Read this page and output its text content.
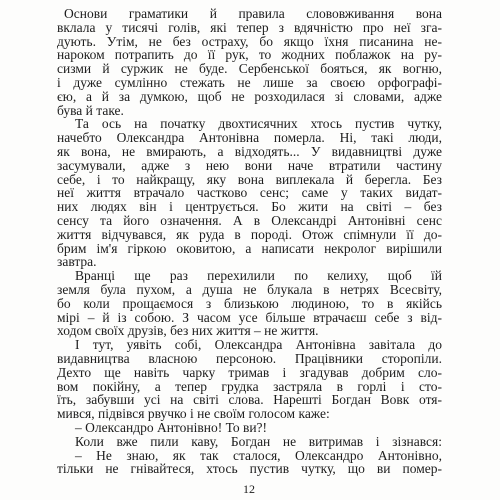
Основи граматики й правила слововживання вона
вклала у тисячі голів, які тепер з вдячністю про неї зга-
дують. Утім, не без остраху, бо якщо їхня писанина не-
нароком потрапить до її рук, то жодних поблажок на ру-
сизми й суржик не буде. Сербенської бояться, як вогню,
і дуже сумлінно стежать не лише за своєю орфографі-
єю, а й за думкою, щоб не розходилася зі словами, адже
бува й таке.
Та ось на початку двохтисячних хтось пустив чутку,
начебто Олександра Антонівна померла. Ні, такі люди,
як вона, не вмирають, а відходять... У видавництві дуже
засумували, адже з нею вони наче втратили частину
себе, і то найкращу, яку вона виплекала й берегла. Без
неї життя втрачало частково сенс; саме у таких видат-
них людях він і центрується. Бо жити на світі – без
сенсу та його означення. А в Олександрі Антонівні сенс
життя відчувався, як руда в породі. Отож спімнули її до-
брим ім'я гіркою оковитою, а написати некролог вирішили
завтра.
Вранці ще раз перехилили по келиху, щоб їй
земля була пухом, а душа не блукала в нетрях Всесвіту,
бо коли прощаємося з близькою людиною, то в якійсь
мірі – й із собою. З часом усе більше втрачаєш себе з від-
ходом своїх друзів, без них життя – не життя.
І тут, уявіть собі, Олександра Антонівна завітала до
видавництва власною персоною. Працівники сторопіли.
Дехто ще навіть чарку тримав і згадував добрим сло-
вом покійну, а тепер грудка застряла в горлі і сто-
їть, забувши усі на світі слова. Нарешті Богдан Вовк отя-
мився, підвівся рвучко і не своїм голосом каже:
– Олександро Антонівно! То ви?!
Коли вже пили каву, Богдан не витримав і зізнався:
– Не знаю, як так сталося, Олександро Антонівно,
тільки не гнівайтеся, хтось пустив чутку, що ви помер-
12
